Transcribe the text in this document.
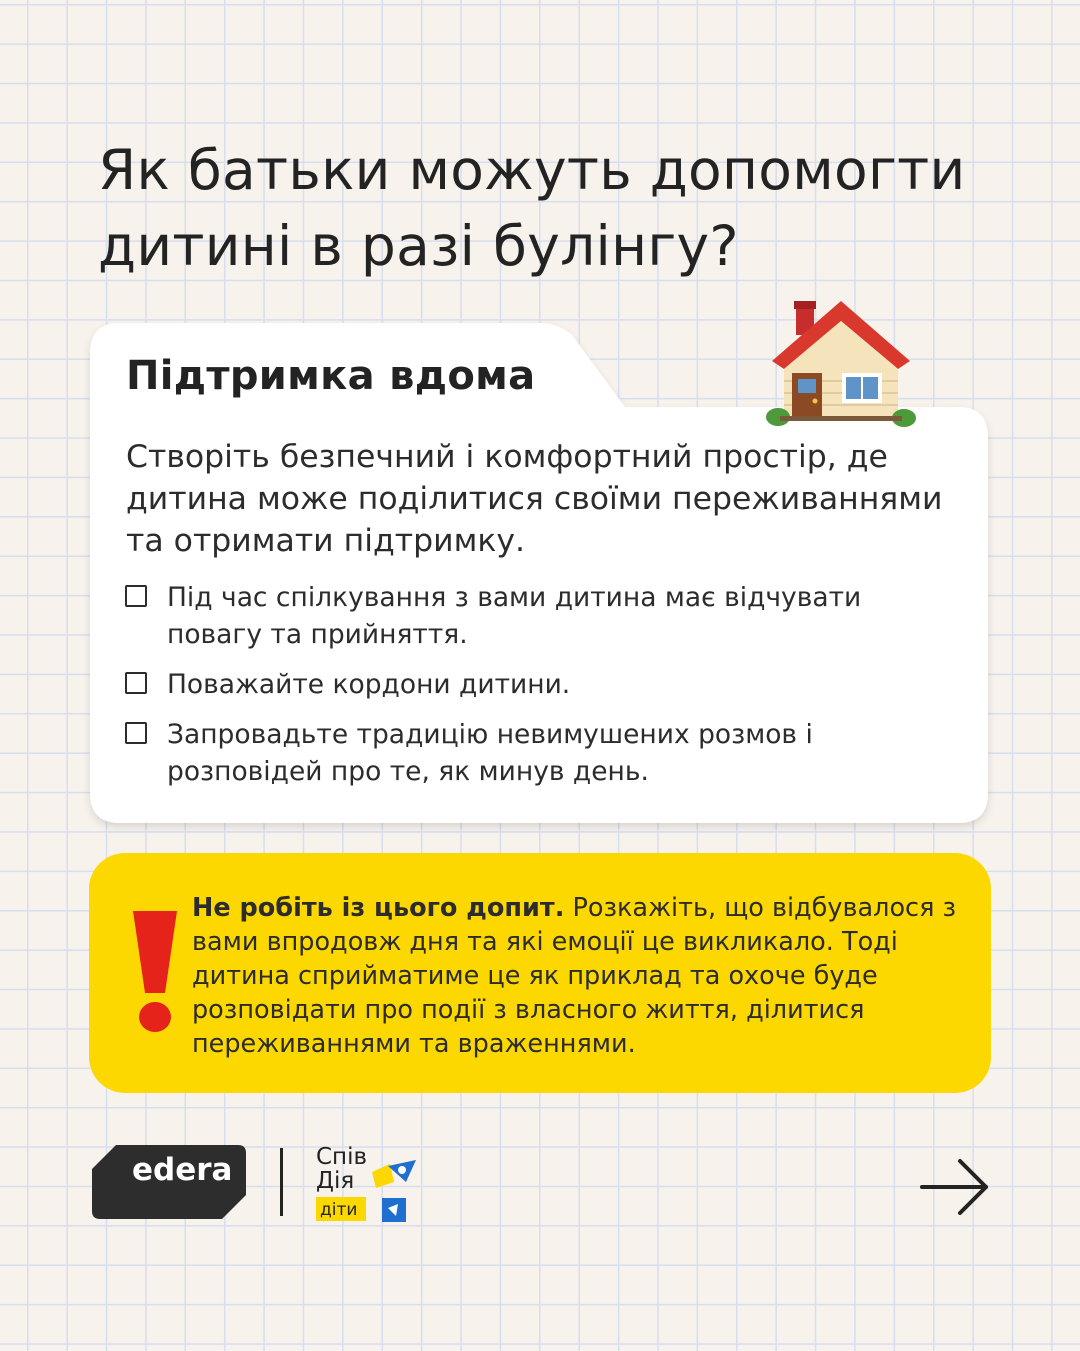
Як батьки можуть допомогти дитині в разі булінгу?
Підтримка вдома
Створіть безпечний і комфортний простір, де дитина може поділитися своїми переживаннями та отримати підтримку.
Під час спілкування з вами дитина має відчувати повагу та прийняття.
Поважайте кордони дитини.
Запровадьте традицію невимушених розмов і розповідей про те, як минув день.
Не робіть із цього допит. Розкажіть, що відбувалося з вами впродовж дня та які емоції це викликало. Тоді дитина сприйматиме це як приклад та охоче буде розповідати про події з власного життя, ділитися переживаннями та враженнями.
edera	Спів
Дія
діти
